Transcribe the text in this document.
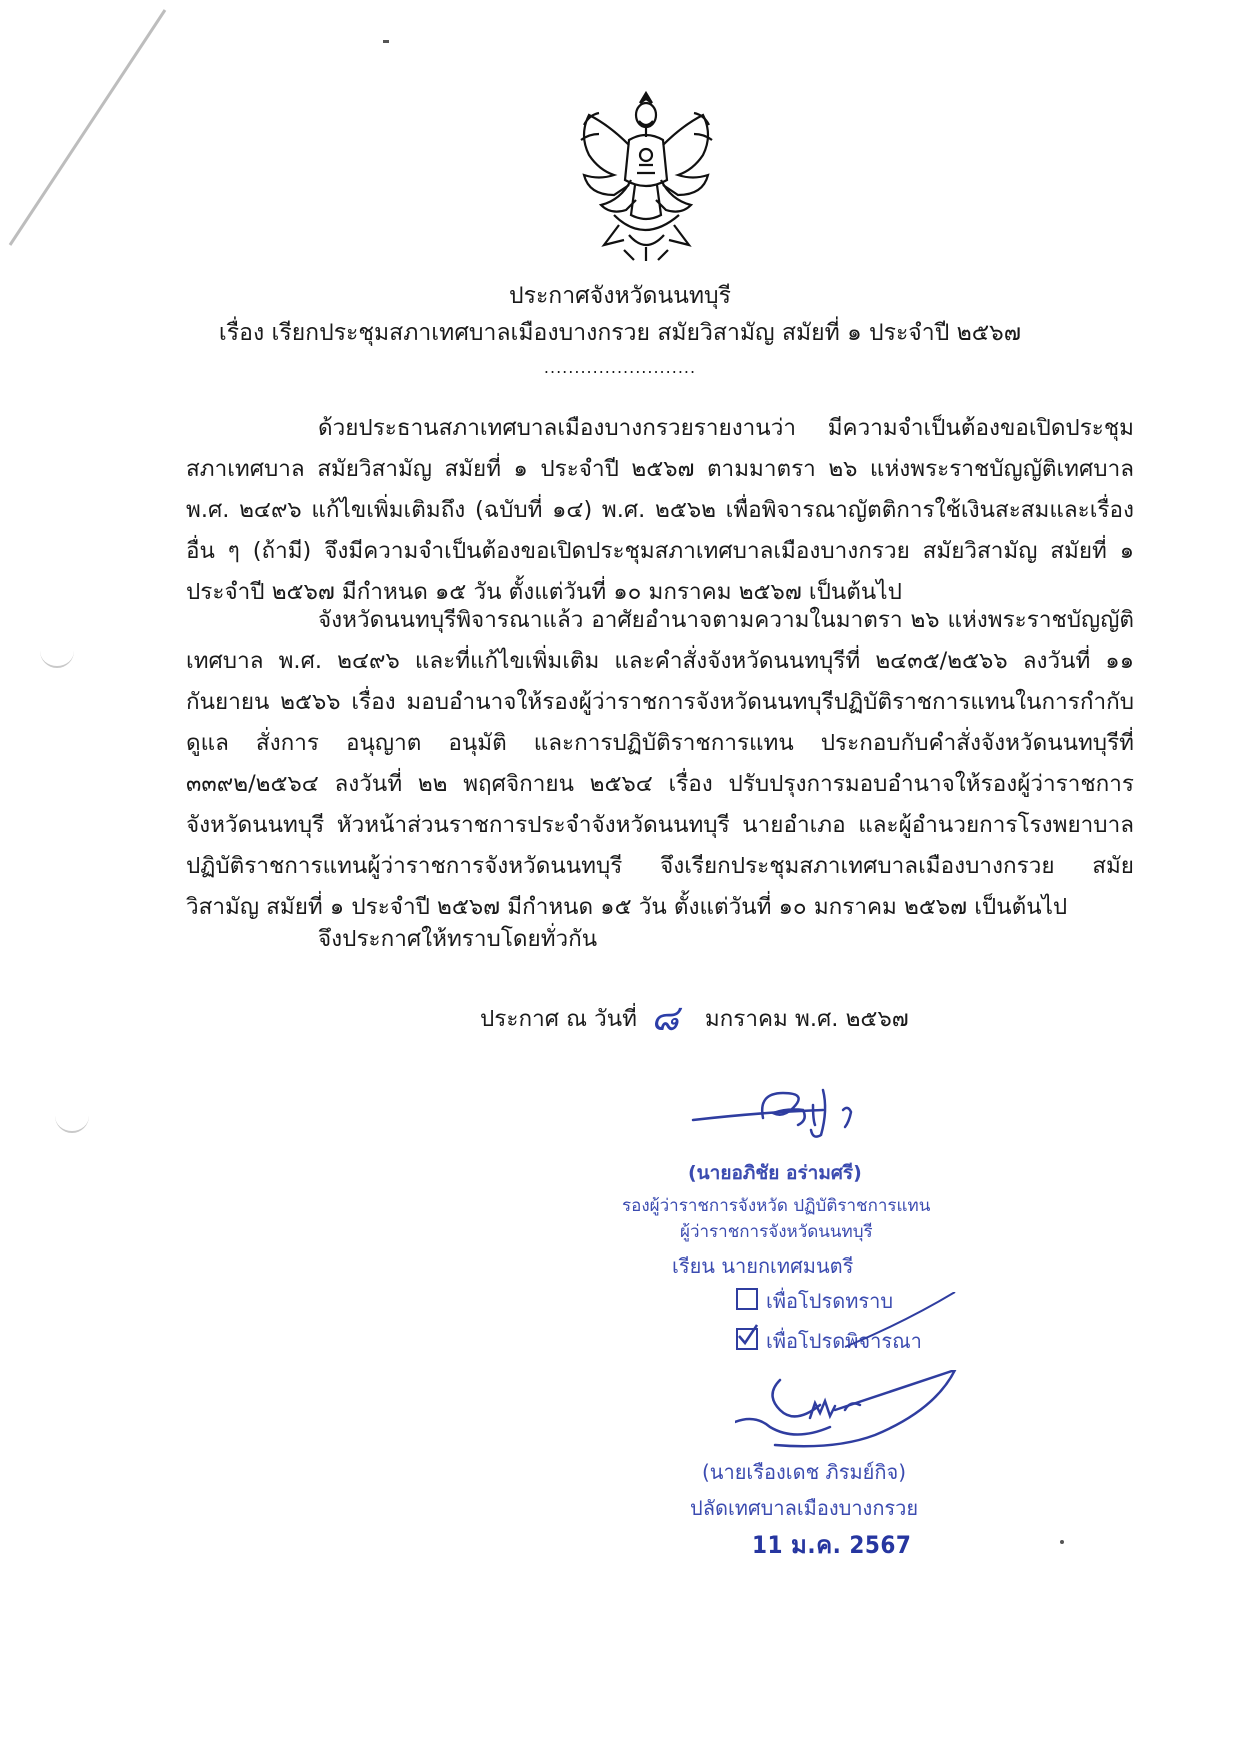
ประกาศจังหวัดนนทบุรี
เรื่อง เรียกประชุมสภาเทศบาลเมืองบางกรวย สมัยวิสามัญ สมัยที่ ๑ ประจำปี ๒๕๖๗
.........................
ด้วยประธานสภาเทศบาลเมืองบางกรวยรายงานว่า มีความจำเป็นต้องขอเปิดประชุมสภาเทศบาล สมัยวิสามัญ สมัยที่ ๑ ประจำปี ๒๕๖๗ ตามมาตรา ๒๖ แห่งพระราชบัญญัติเทศบาล พ.ศ. ๒๔๙๖ แก้ไขเพิ่มเติมถึง (ฉบับที่ ๑๔) พ.ศ. ๒๕๖๒ เพื่อพิจารณาญัตติการใช้เงินสะสมและเรื่องอื่น ๆ (ถ้ามี) จึงมีความจำเป็นต้องขอเปิดประชุมสภาเทศบาลเมืองบางกรวย สมัยวิสามัญ สมัยที่ ๑ ประจำปี ๒๕๖๗ มีกำหนด ๑๕ วัน ตั้งแต่วันที่ ๑๐ มกราคม ๒๕๖๗ เป็นต้นไป
จังหวัดนนทบุรีพิจารณาแล้ว อาศัยอำนาจตามความในมาตรา ๒๖ แห่งพระราชบัญญัติเทศบาล พ.ศ. ๒๔๙๖ และที่แก้ไขเพิ่มเติม และคำสั่งจังหวัดนนทบุรีที่ ๒๔๓๕/๒๕๖๖ ลงวันที่ ๑๑ กันยายน ๒๕๖๖ เรื่อง มอบอำนาจให้รองผู้ว่าราชการจังหวัดนนทบุรีปฏิบัติราชการแทนในการกำกับ ดูแล สั่งการ อนุญาต อนุมัติ และการปฏิบัติราชการแทน ประกอบกับคำสั่งจังหวัดนนทบุรีที่ ๓๓๙๒/๒๕๖๔ ลงวันที่ ๒๒ พฤศจิกายน ๒๕๖๔ เรื่อง ปรับปรุงการมอบอำนาจให้รองผู้ว่าราชการจังหวัดนนทบุรี หัวหน้าส่วนราชการประจำจังหวัดนนทบุรี นายอำเภอ และผู้อำนวยการโรงพยาบาล ปฏิบัติราชการแทนผู้ว่าราชการจังหวัดนนทบุรี จึงเรียกประชุมสภาเทศบาลเมืองบางกรวย สมัยวิสามัญ สมัยที่ ๑ ประจำปี ๒๕๖๗ มีกำหนด ๑๕ วัน ตั้งแต่วันที่ ๑๐ มกราคม ๒๕๖๗ เป็นต้นไป
จึงประกาศให้ทราบโดยทั่วกัน
ประกาศ ณ วันที่ ๘ มกราคม พ.ศ. ๒๕๖๗
(นายอภิชัย อร่ามศรี)
รองผู้ว่าราชการจังหวัด ปฏิบัติราชการแทน
ผู้ว่าราชการจังหวัดนนทบุรี
เรียน นายกเทศมนตรี
เพื่อโปรดทราบ
เพื่อโปรดพิจารณา
(นายเรืองเดช ภิรมย์กิจ)
ปลัดเทศบาลเมืองบางกรวย
11 ม.ค. 2567
